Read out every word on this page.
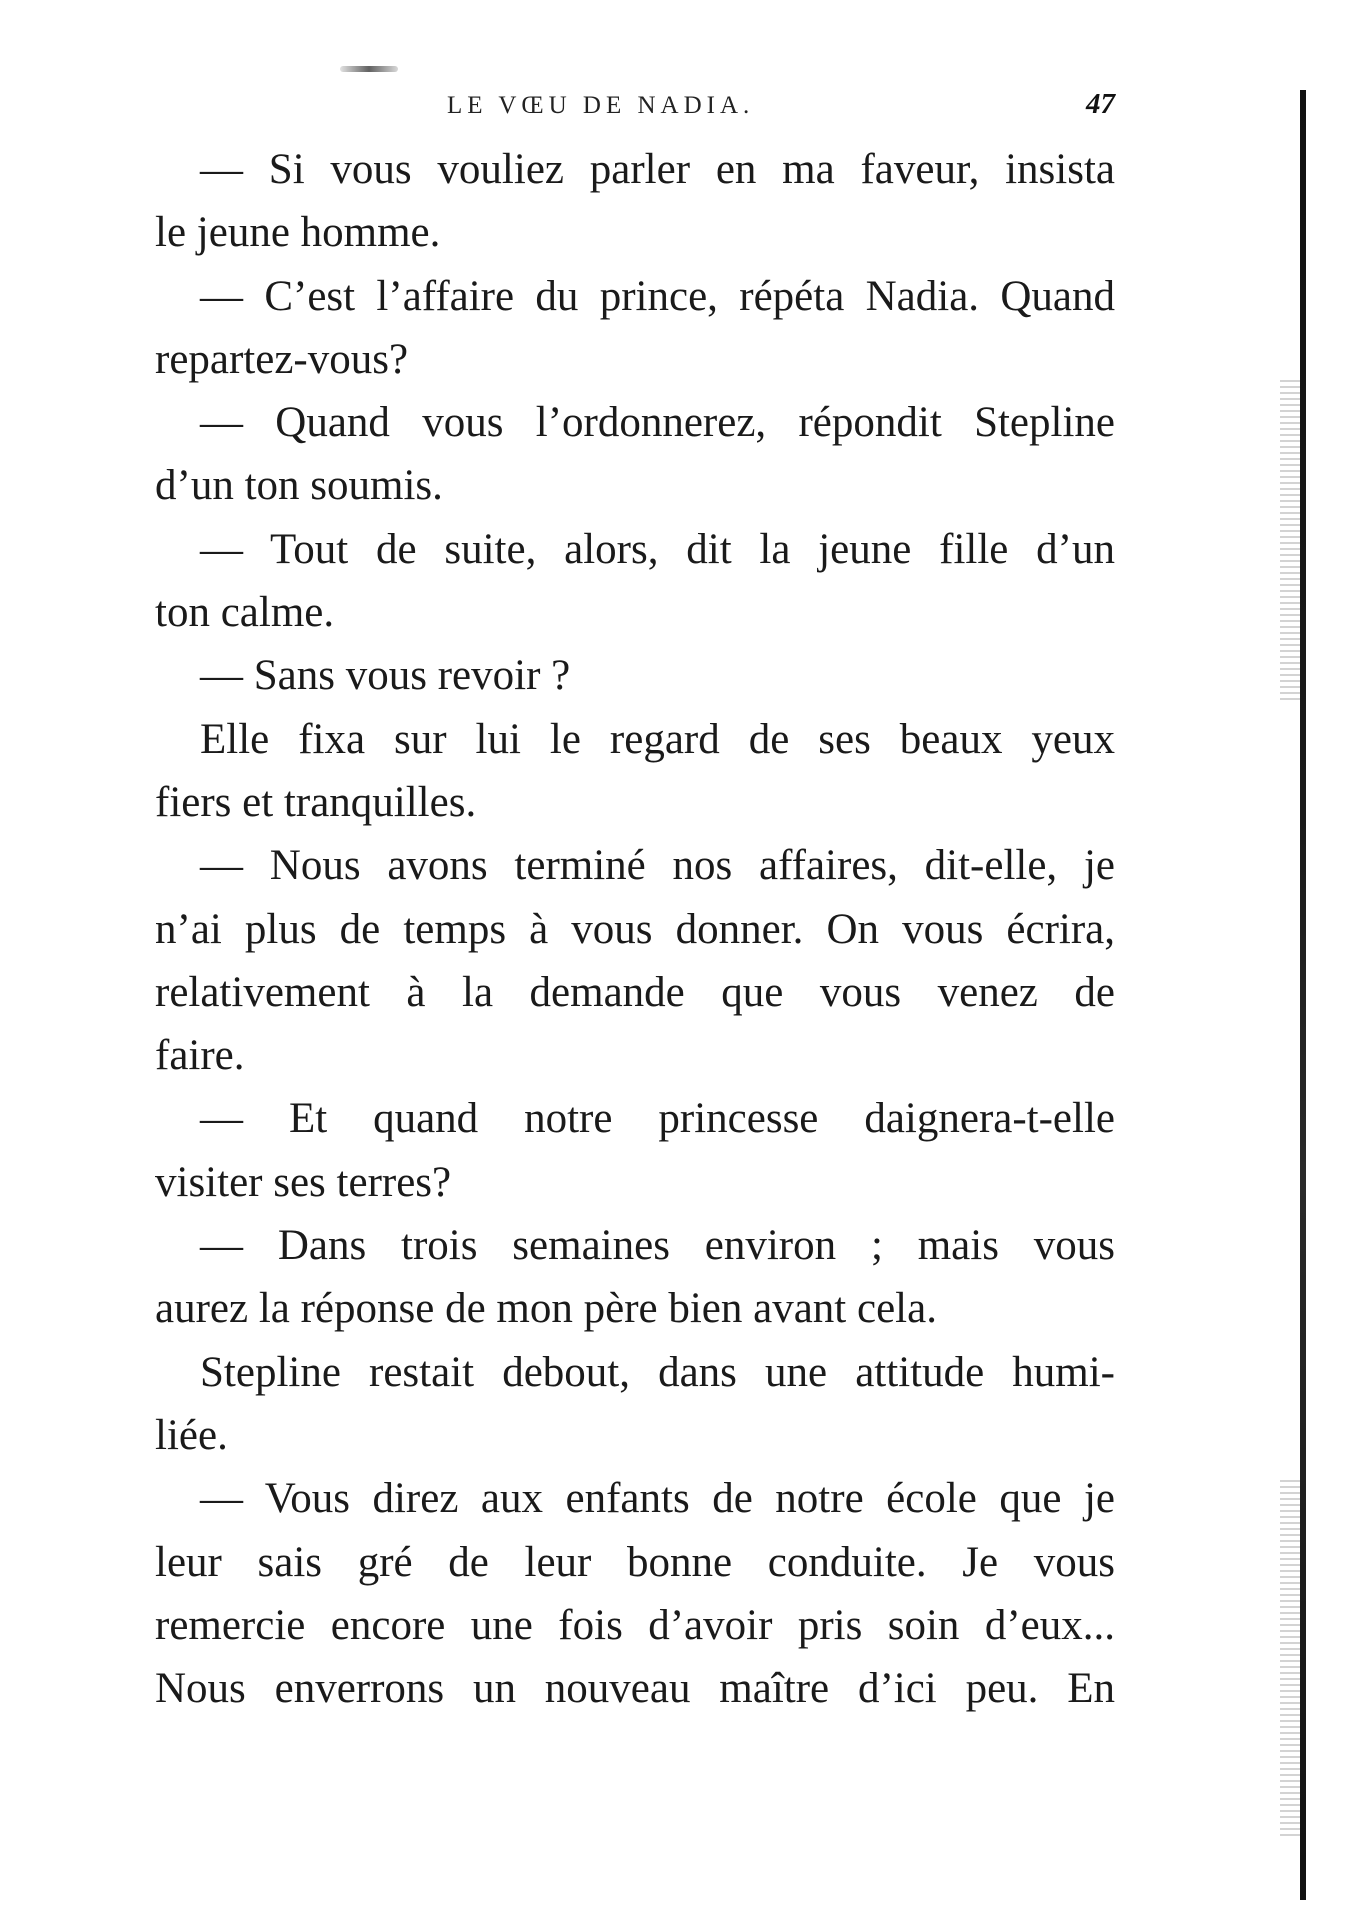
LE VŒU DE NADIA.	47
— Si vous vouliez parler en ma faveur, insista
le jeune homme.
— C’est l’affaire du prince, répéta Nadia. Quand
repartez-vous?
— Quand vous l’ordonnerez, répondit Stepline
d’un ton soumis.
— Tout de suite, alors, dit la jeune fille d’un
ton calme.
— Sans vous revoir ?
Elle fixa sur lui le regard de ses beaux yeux
fiers et tranquilles.
— Nous avons terminé nos affaires, dit-elle, je
n’ai plus de temps à vous donner. On vous écrira,
relativement à la demande que vous venez de
faire.
— Et quand notre princesse daignera-t-elle
visiter ses terres?
— Dans trois semaines environ ; mais vous
aurez la réponse de mon père bien avant cela.
Stepline restait debout, dans une attitude humi-
liée.
— Vous direz aux enfants de notre école que je
leur sais gré de leur bonne conduite. Je vous
remercie encore une fois d’avoir pris soin d’eux...
Nous enverrons un nouveau maître d’ici peu. En
